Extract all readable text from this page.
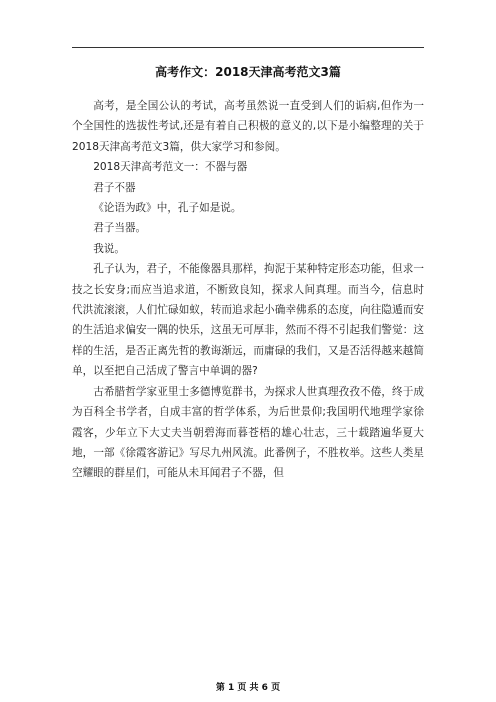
高考作文：2018天津高考范文3篇

高考，是全国公认的考试，高考虽然说一直受到人们的诟病,但作为一个全国性的选拔性考试,还是有着自己积极的意义的,以下是小编整理的关于2018天津高考范文3篇，供大家学习和参阅。

2018天津高考范文一：不器与器

君子不器

《论语为政》中，孔子如是说。

君子当器。

我说。

孔子认为，君子，不能像器具那样，拘泥于某种特定形态功能，但求一技之长安身;而应当追求道，不断致良知，探求人间真理。而当今，信息时代洪流滚滚，人们忙碌如蚁，转而追求起小确幸佛系的态度，向往隐遁而安的生活追求偏安一隅的快乐，这虽无可厚非，然而不得不引起我们警觉：这样的生活，是否正离先哲的教诲渐远，而庸碌的我们，又是否活得越来越简单，以至把自己活成了警言中单调的器?

古希腊哲学家亚里士多德博览群书，为探求人世真理孜孜不倦，终于成为百科全书学者，自成丰富的哲学体系，为后世景仰;我国明代地理学家徐霞客，少年立下大丈夫当朝碧海而暮苍梧的雄心壮志，三十载踏遍华夏大地，一部《徐霞客游记》写尽九州风流。此番例子，不胜枚举。这些人类星空耀眼的群星们，可能从未耳闻君子不器，但

第 1 页 共 6 页
